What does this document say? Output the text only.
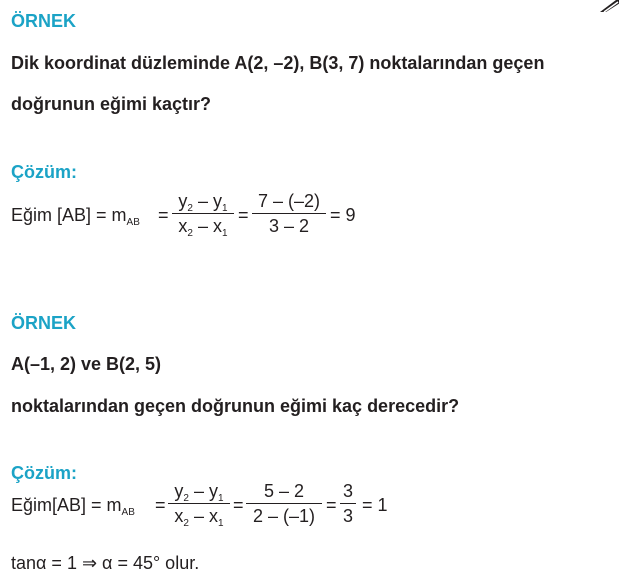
ÖRNEK
Dik koordinat düzleminde A(2, –2), B(3, 7) noktalarından geçen
doğrunun eğimi kaçtır?
Çözüm:
Eğim $[AB] = m_{AB}$ =
$y_2 - y_1$
$x_2 - x_1$
=
7 – (–2)
3 – 2
= 9
ÖRNEK
A(–1, 2) ve B(2, 5)
noktalarından geçen doğrunun eğimi kaç derecedir?
Çözüm:
Eğim[AB] = $m_{AB}$ =
$y_2 - y_1$
$x_2 - x_1$
=
5 – 2
2 – (–1)
=
3
3
= 1
tanα = 1 ⇒ α = 45° olur.
